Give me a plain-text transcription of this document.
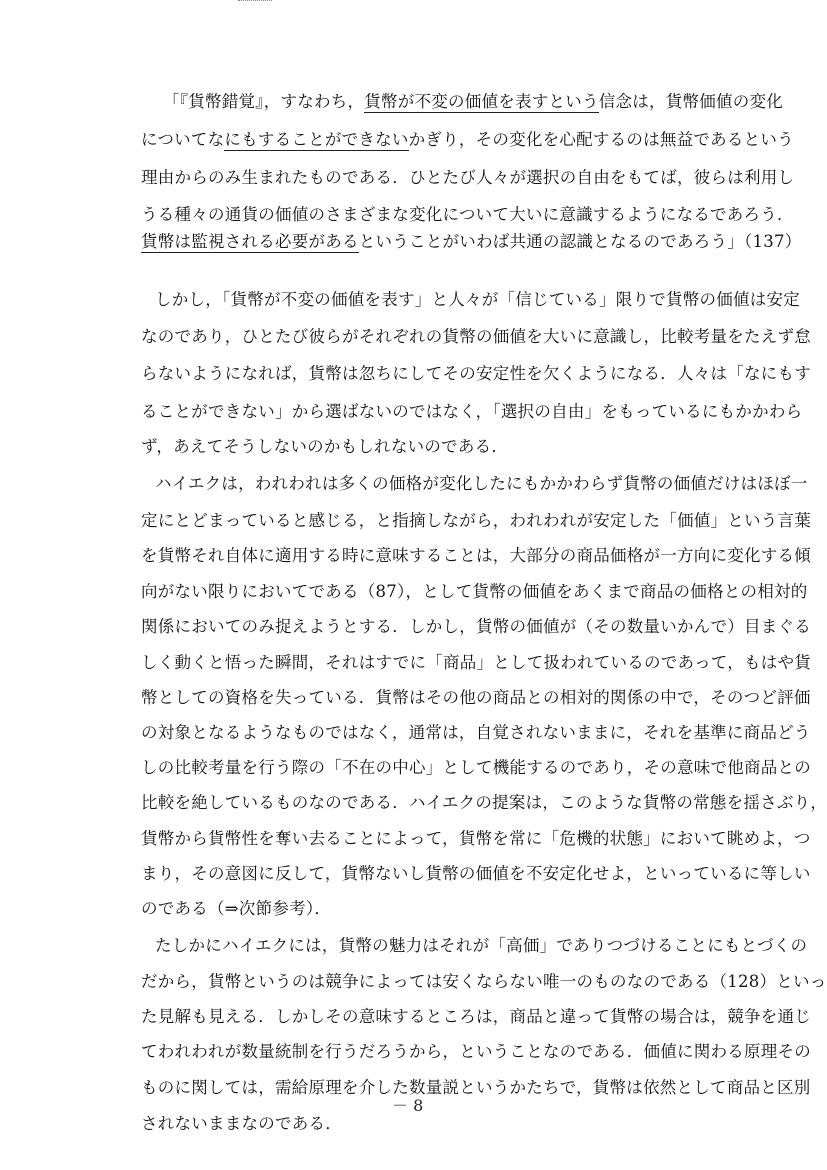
「『貨幣錯覚』，すなわち，貨幣が不変の価値を表すという信念は，貨幣価値の変化
についてなにもすることができないかぎり，その変化を心配するのは無益であるという
理由からのみ生まれたものである．ひとたび人々が選択の自由をもてば，彼らは利用し
うる種々の通貨の価値のさまざまな変化について大いに意識するようになるであろう．
貨幣は監視される必要があるということがいわば共通の認識となるのであろう」（137）
しかし，「貨幣が不変の価値を表す」と人々が「信じている」限りで貨幣の価値は安定
なのであり，ひとたび彼らがそれぞれの貨幣の価値を大いに意識し，比較考量をたえず怠
らないようになれば，貨幣は忽ちにしてその安定性を欠くようになる．人々は「なにもす
ることができない」から選ばないのではなく，「選択の自由」をもっているにもかかわら
ず，あえてそうしないのかもしれないのである．
ハイエクは，われわれは多くの価格が変化したにもかかわらず貨幣の価値だけはほぼ一
定にとどまっていると感じる，と指摘しながら，われわれが安定した「価値」という言葉
を貨幣それ自体に適用する時に意味することは，大部分の商品価格が一方向に変化する傾
向がない限りにおいてである（87），として貨幣の価値をあくまで商品の価格との相対的
関係においてのみ捉えようとする．しかし，貨幣の価値が（その数量いかんで）目まぐる
しく動くと悟った瞬間，それはすでに「商品」として扱われているのであって，もはや貨
幣としての資格を失っている．貨幣はその他の商品との相対的関係の中で，そのつど評価
の対象となるようなものではなく，通常は，自覚されないままに，それを基準に商品どう
しの比較考量を行う際の「不在の中心」として機能するのであり，その意味で他商品との
比較を絶しているものなのである．ハイエクの提案は，このような貨幣の常態を揺さぶり，
貨幣から貨幣性を奪い去ることによって，貨幣を常に「危機的状態」において眺めよ，つ
まり，その意図に反して，貨幣ないし貨幣の価値を不安定化せよ，といっているに等しい
のである（⇒次節参考）．
たしかにハイエクには，貨幣の魅力はそれが「高価」でありつづけることにもとづくの
だから，貨幣というのは競争によっては安くならない唯一のものなのである（128）といっ
た見解も見える．しかしその意味するところは，商品と違って貨幣の場合は，競争を通じ
てわれわれが数量統制を行うだろうから，ということなのである．価値に関わる原理その
ものに関しては，需給原理を介した数量説というかたちで，貨幣は依然として商品と区別
されないままなのである．
－ 8
